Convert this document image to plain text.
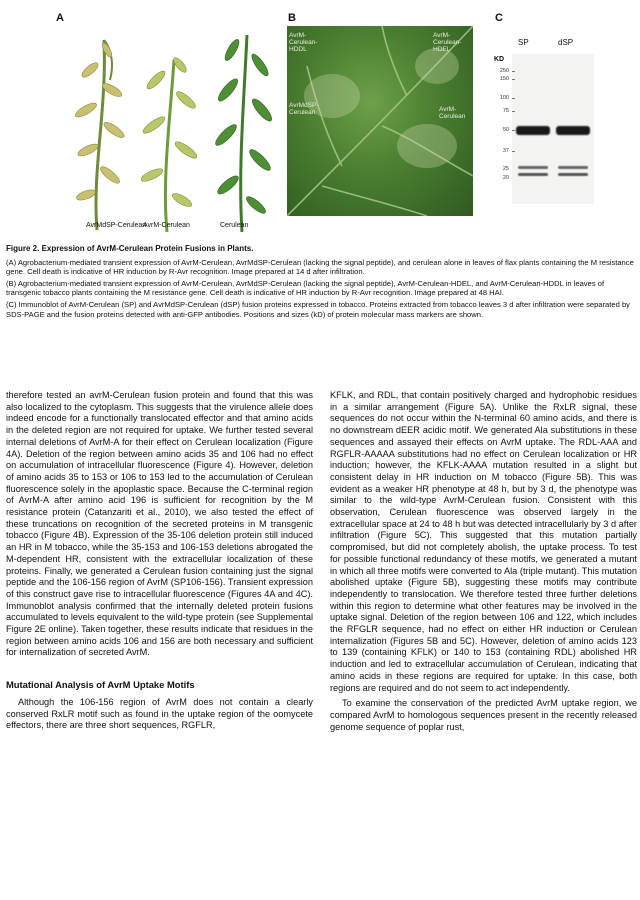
A
AvrMdSP-Cerulean
AvrM-Cerulean	Cerulean
B
AvrM-
Cerulean-
HDDL
AvrM-
Cerulean-
HDEL
AvrMdSP-
Cerulean	AvrM-
Cerulean
C
SP	dSP
KD
250
150
100
75
50
37
25
20

Figure 2. Expression of AvrM-Cerulean Protein Fusions in Plants.

(A) Agrobacterium-mediated transient expression of AvrM-Cerulean, AvrMdSP-Cerulean (lacking the signal peptide), and cerulean alone in leaves of flax plants containing the M resistance gene. Cell death is indicative of HR induction by R-Avr recognition. Image prepared at 14 d after infiltration.

(B) Agrobacterium-mediated transient expression of AvrM-Cerulean, AvrMdSP-Cerulean (lacking the signal peptide), AvrM-Cerulean-HDEL, and AvrM-Cerulean-HDDL in leaves of transgenic tobacco plants containing the M resistance gene. Cell death is indicative of HR induction by R-Avr recognition. Image prepared at 48 HAI.

(C) Immunoblot of AvrM-Cerulean (SP) and AvrMdSP-Cerulean (dSP) fusion proteins expressed in tobacco. Proteins extracted from tobacco leaves 3 d after infiltration were separated by SDS-PAGE and the fusion proteins detected with anti-GFP antibodies. Positions and sizes (kD) of protein molecular mass markers are shown.

therefore tested an avrM-Cerulean fusion protein and found that this was also localized to the cytoplasm. This suggests that the virulence allele does indeed encode for a functionally translocated effector and that amino acids in the deleted region are not required for uptake. We further tested several internal deletions of AvrM-A for their effect on Cerulean localization (Figure 4A). Deletion of the region between amino acids 35 and 106 had no effect on accumulation of intracellular fluorescence (Figure 4). However, deletion of amino acids 35 to 153 or 106 to 153 led to the accumulation of Cerulean fluorescence solely in the apoplastic space. Because the C-terminal region of AvrM-A after amino acid 196 is sufficient for recognition by the M resistance protein (Catanzariti et al., 2010), we also tested the effect of these truncations on recognition of the secreted proteins in M transgenic tobacco (Figure 4B). Expression of the 35-106 deletion protein still induced an HR in M tobacco, while the 35-153 and 106-153 deletions abrogated the M-dependent HR, consistent with the extracellular localization of these proteins. Finally, we generated a Cerulean fusion containing just the signal peptide and the 106-156 region of AvrM (SP106-156). Transient expression of this construct gave rise to intracellular fluorescence (Figures 4A and 4C). Immunoblot analysis confirmed that the internally deleted protein fusions accumulated to levels equivalent to the wild-type protein (see Supplemental Figure 2E online). Taken together, these results indicate that residues in the region between amino acids 106 and 156 are both necessary and sufficient for internalization of secreted AvrM.

Mutational Analysis of AvrM Uptake Motifs

Although the 106-156 region of AvrM does not contain a clearly conserved RxLR motif such as found in the uptake region of the oomycete effectors, there are three short sequences, RGFLR,

KFLK, and RDL, that contain positively charged and hydrophobic residues in a similar arrangement (Figure 5A). Unlike the RxLR signal, these sequences do not occur within the N-terminal 60 amino acids, and there is no downstream dEER acidic motif. We generated Ala substitutions in these sequences and assayed their effects on AvrM uptake. The RDL-AAA and RGFLR-AAAAA substitutions had no effect on Cerulean localization or HR induction; however, the KFLK-AAAA mutation resulted in a slight but consistent delay in HR induction on M tobacco (Figure 5B). This was evident as a weaker HR phenotype at 48 h, but by 3 d, the phenotype was similar to the wild-type AvrM-Cerulean fusion. Consistent with this observation, Cerulean fluorescence was observed largely in the extracellular space at 24 to 48 h but was detected intracellularly by 3 d after infiltration (Figure 5C). This suggested that this mutation partially compromised, but did not completely abolish, the uptake process. To test for possible functional redundancy of these motifs, we generated a mutant in which all three motifs were converted to Ala (triple mutant). This mutation abolished uptake (Figure 5B), suggesting these motifs may contribute independently to translocation. We therefore tested three further deletions within this region to determine what other features may be involved in the uptake signal. Deletion of the region between 106 and 122, which includes the RFGLR sequence, had no effect on either HR induction or Cerulean internalization (Figures 5B and 5C). However, deletion of amino acids 123 to 139 (containing KFLK) or 140 to 153 (containing RDL) abolished HR induction and led to extracellular accumulation of Cerulean, indicating that amino acids in these regions are required for uptake. In this case, both regions are required and do not seem to act independently.

To examine the conservation of the predicted AvrM uptake region, we compared AvrM to homologous sequences present in the recently released genome sequence of poplar rust,
